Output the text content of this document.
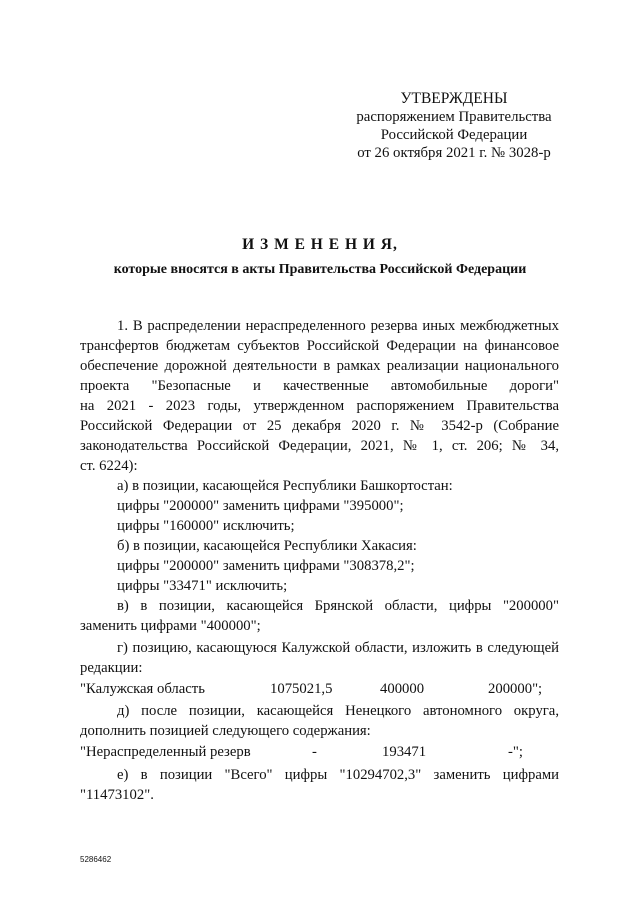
УТВЕРЖДЕНЫ
распоряжением Правительства
Российской Федерации
от 26 октября 2021 г. № 3028-р
И З М Е Н Е Н И Я,
которые вносятся в акты Правительства Российской Федерации
1. В распределении нераспределенного резерва иных межбюджетных
трансфертов бюджетам субъектов Российской Федерации на финансовое
обеспечение дорожной деятельности в рамках реализации национального
проекта "Безопасные и качественные автомобильные дороги"
на 2021 - 2023 годы, утвержденном распоряжением Правительства
Российской Федерации от 25 декабря 2020 г. № 3542-р (Собрание
законодательства Российской Федерации, 2021, № 1, ст. 206; № 34,
ст. 6224):
а) в позиции, касающейся Республики Башкортостан:
цифры "200000" заменить цифрами "395000";
цифры "160000" исключить;
б) в позиции, касающейся Республики Хакасия:
цифры "200000" заменить цифрами "308378,2";
цифры "33471" исключить;
в) в позиции, касающейся Брянской области, цифры "200000"
заменить цифрами "400000";
г) позицию, касающуюся Калужской области, изложить в следующей
редакции:
"Калужская область	1075021,5	400000	200000";
д) после позиции, касающейся Ненецкого автономного округа,
дополнить позицией следующего содержания:
"Нераспределенный резерв	-	193471	-";
е) в позиции "Всего" цифры "10294702,3" заменить цифрами
"11473102".
5286462
